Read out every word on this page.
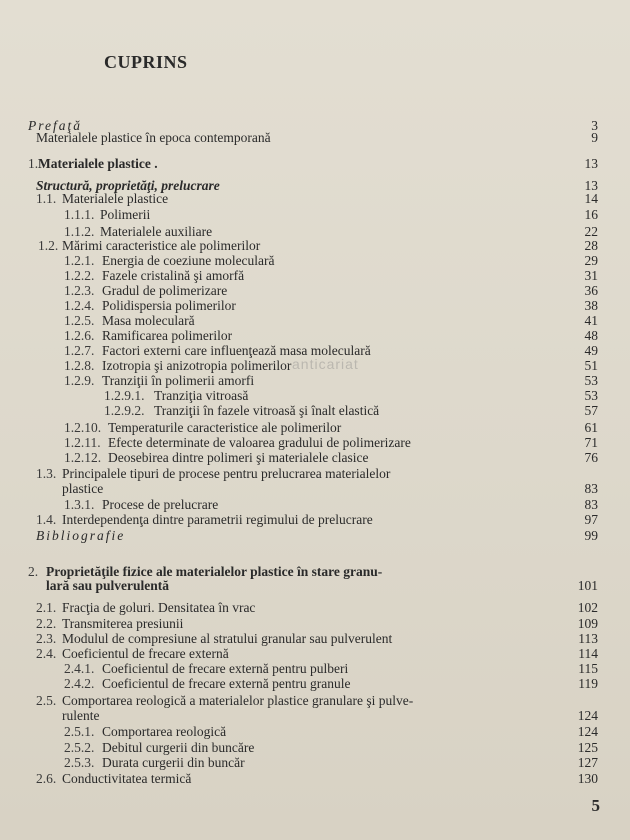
CUPRINS
Prefaţă	3
Materialele plastice în epoca contemporană	9
1. Materialele plastice .	13
Structură, proprietăţi, prelucrare	13
1.1. Materialele plastice	14
1.1.1. Polimerii	16
1.1.2. Materialele auxiliare	22
1.2. Mărimi caracteristice ale polimerilor	28
1.2.1. Energia de coeziune moleculară	29
1.2.2. Fazele cristalină şi amorfă	31
1.2.3. Gradul de polimerizare	36
1.2.4. Polidispersia polimerilor	38
1.2.5. Masa moleculară	41
1.2.6. Ramificarea polimerilor	48
1.2.7. Factori externi care influenţează masa moleculară	49
1.2.8. Izotropia şi anizotropia polimerilor	51
1.2.9. Tranziţii în polimerii amorfi	53
1.2.9.1. Tranziţia vitroasă	53
1.2.9.2. Tranziţii în fazele vitroasă şi înalt elastică	57
1.2.10. Temperaturile caracteristice ale polimerilor	61
1.2.11. Efecte determinate de valoarea gradului de polimerizare	71
1.2.12. Deosebirea dintre polimeri şi materialele clasice	76
1.3. Principalele tipuri de procese pentru prelucrarea materialelor
plastice	83
1.3.1. Procese de prelucrare	83
1.4. Interdependenţa dintre parametrii regimului de prelucrare	97
Bibliografie	99
2. Proprietăţile fizice ale materialelor plastice în stare granu-
lară sau pulverulentă	101
2.1. Fracţia de goluri. Densitatea în vrac	102
2.2. Transmiterea presiunii	109
2.3. Modulul de compresiune al stratului granular sau pulverulent	113
2.4. Coeficientul de frecare externă	114
2.4.1. Coeficientul de frecare externă pentru pulberi	115
2.4.2. Coeficientul de frecare externă pentru granule	119
2.5. Comportarea reologică a materialelor plastice granulare şi pulve-
rulente	124
2.5.1. Comportarea reologică	124
2.5.2. Debitul curgerii din buncăre	125
2.5.3. Durata curgerii din buncăr	127
2.6. Conductivitatea termică	130
anticariat
5
